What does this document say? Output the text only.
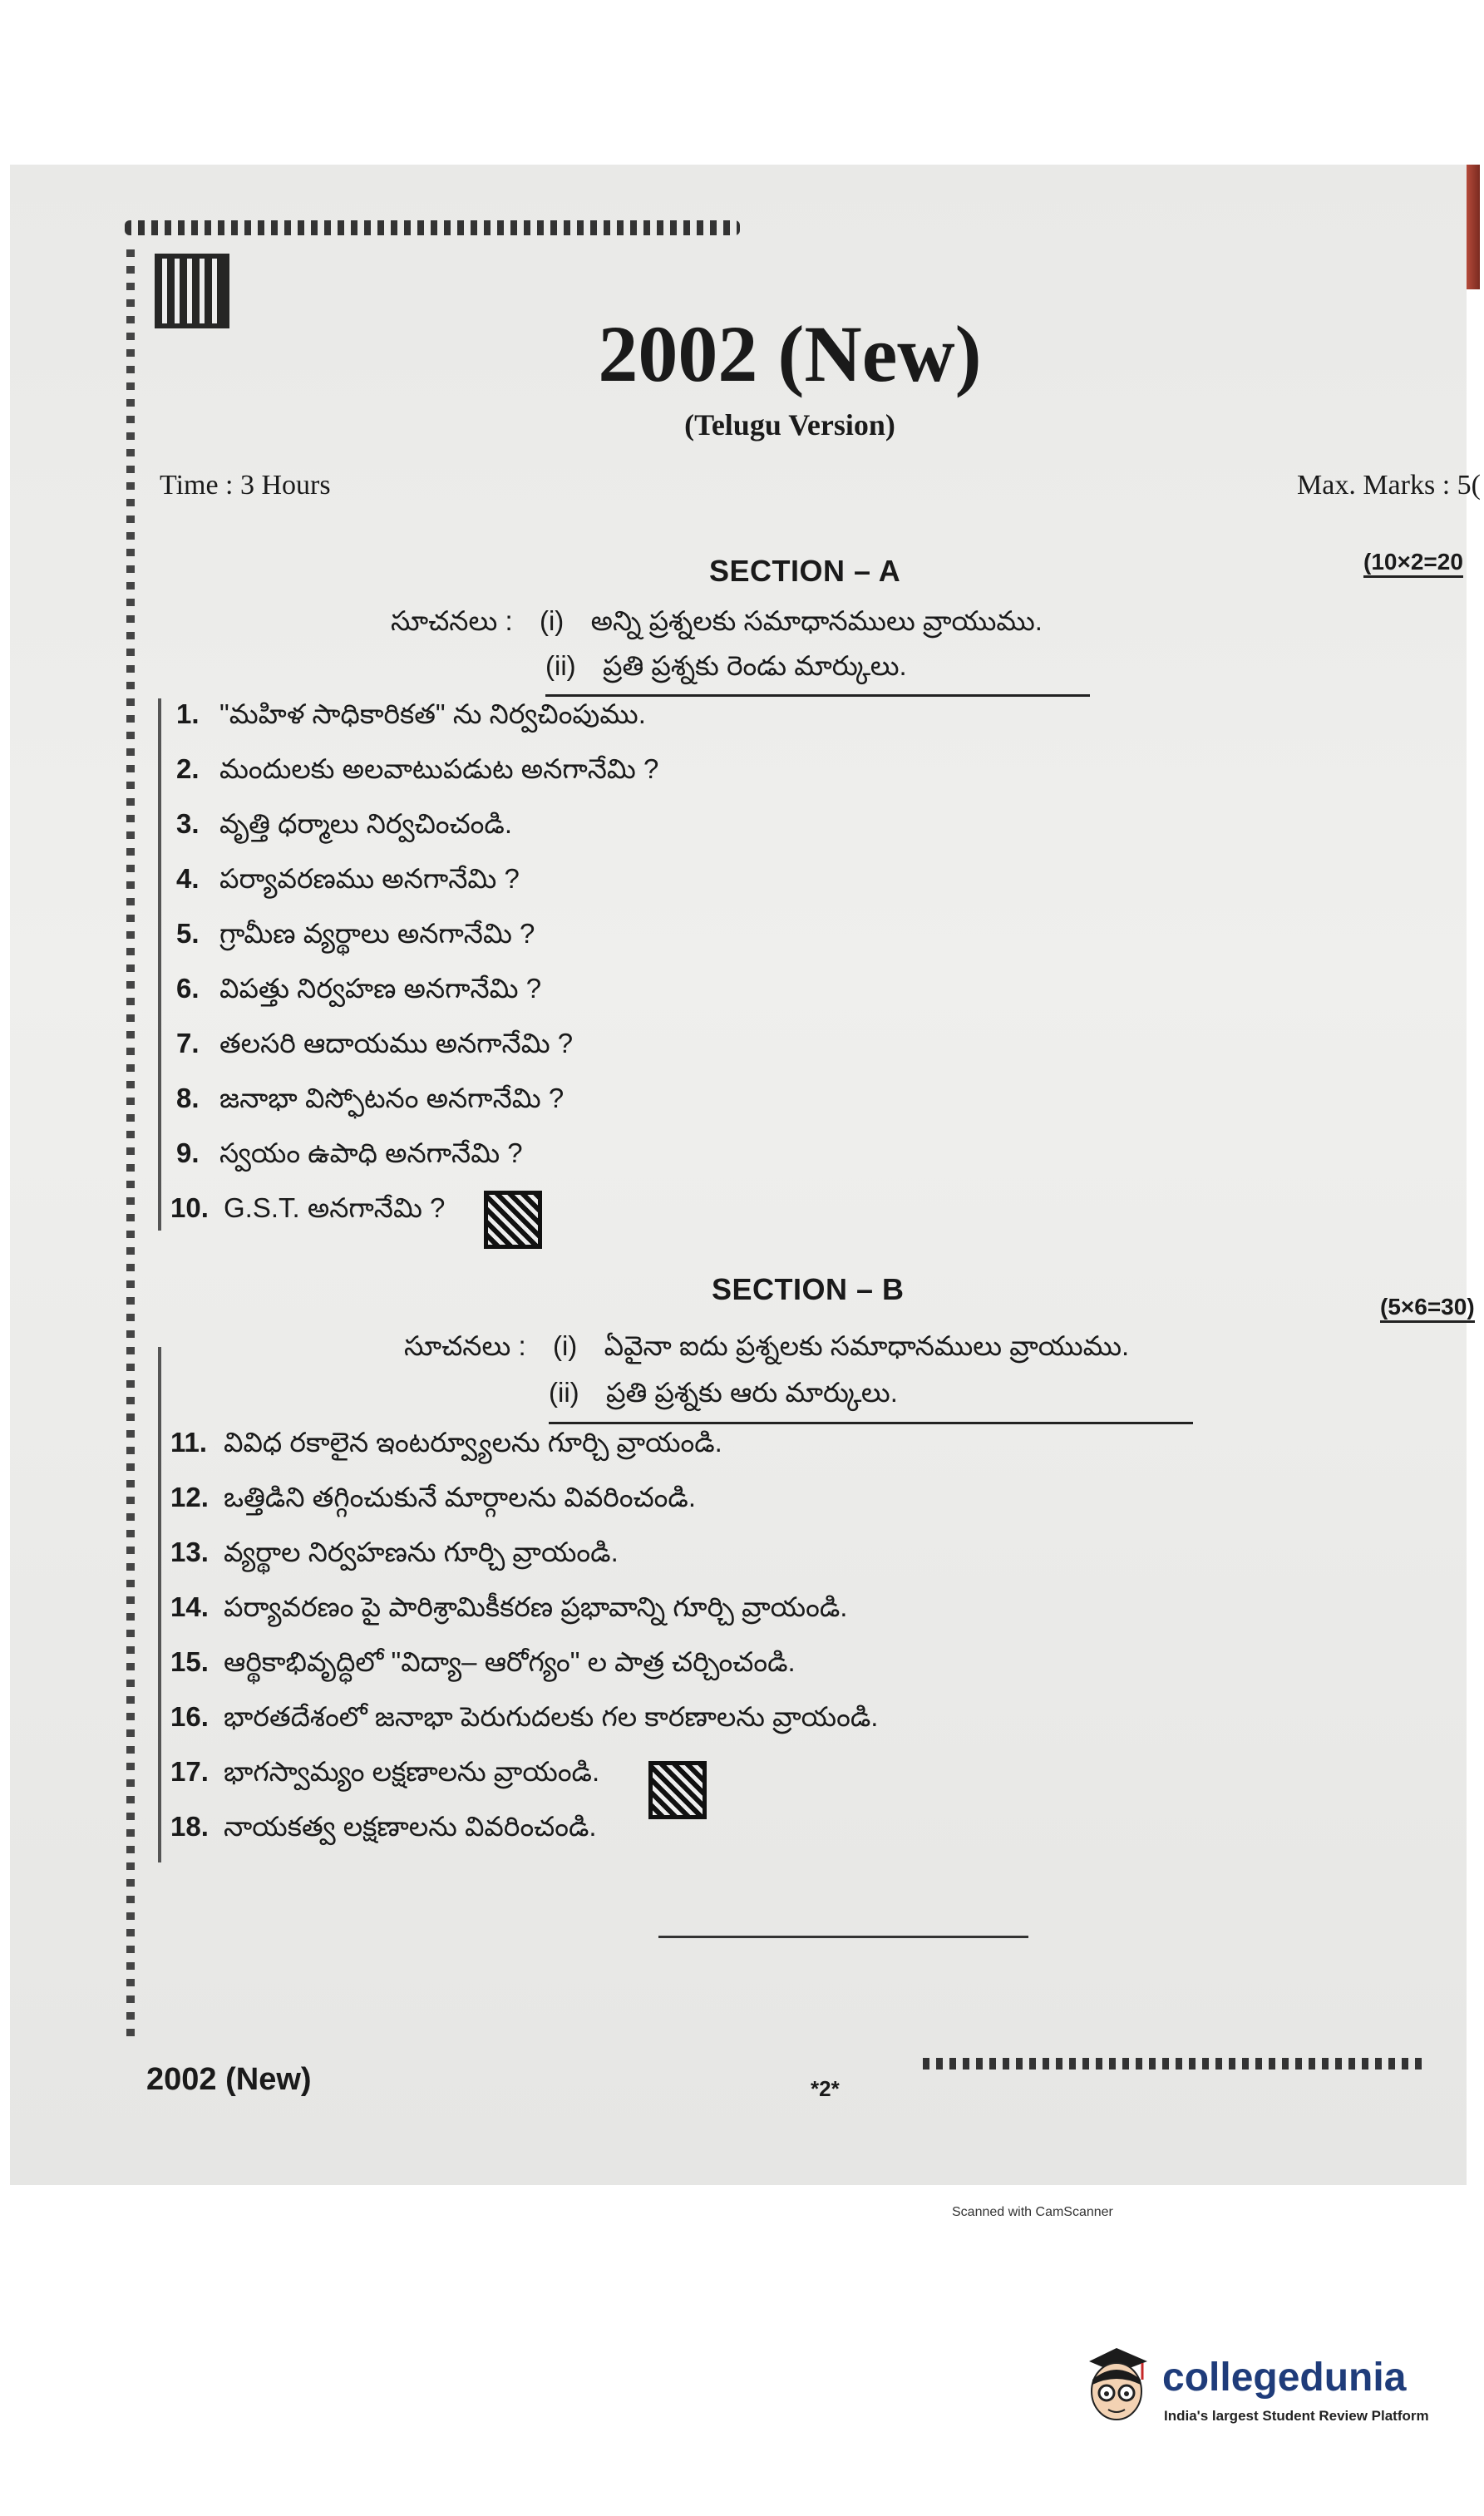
2002 (New)
(Telugu Version)
Time : 3 Hours	Max. Marks : 5(
SECTION – A	(10×2=20
సూచనలు : (i) అన్ని ప్రశ్నలకు సమాధానములు వ్రాయుము.
(ii) ప్రతి ప్రశ్నకు రెండు మార్కులు.
1. "మహిళ సాధికారికత" ను నిర్వచింపుము.
2. మందులకు అలవాటుపడుట అనగానేమి ?
3. వృత్తి ధర్మాలు నిర్వచించండి.
4. పర్యావరణము అనగానేమి ?
5. గ్రామీణ వ్యర్థాలు అనగానేమి ?
6. విపత్తు నిర్వహణ అనగానేమి ?
7. తలసరి ఆదాయము అనగానేమి ?
8. జనాభా విస్ఫోటనం అనగానేమి ?
9. స్వయం ఉపాధి అనగానేమి ?
10. G.S.T. అనగానేమి ?
SECTION – B
(5×6=30)
సూచనలు : (i) ఏవైనా ఐదు ప్రశ్నలకు సమాధానములు వ్రాయుము.
(ii) ప్రతి ప్రశ్నకు ఆరు మార్కులు.
11. వివిధ రకాలైన ఇంటర్వ్యూలను గూర్చి వ్రాయండి.
12. ఒత్తిడిని తగ్గించుకునే మార్గాలను వివరించండి.
13. వ్యర్థాల నిర్వహణను గూర్చి వ్రాయండి.
14. పర్యావరణం పై పారిశ్రామికీకరణ ప్రభావాన్ని గూర్చి వ్రాయండి.
15. ఆర్థికాభివృద్ధిలో "విద్యా– ఆరోగ్యం" ల పాత్ర చర్చించండి.
16. భారతదేశంలో జనాభా పెరుగుదలకు గల కారణాలను వ్రాయండి.
17. భాగస్వామ్యం లక్షణాలను వ్రాయండి.
18. నాయకత్వ లక్షణాలను వివరించండి.
2002 (New)	*2*
Scanned with CamScanner
collegedunia
India's largest Student Review Platform
